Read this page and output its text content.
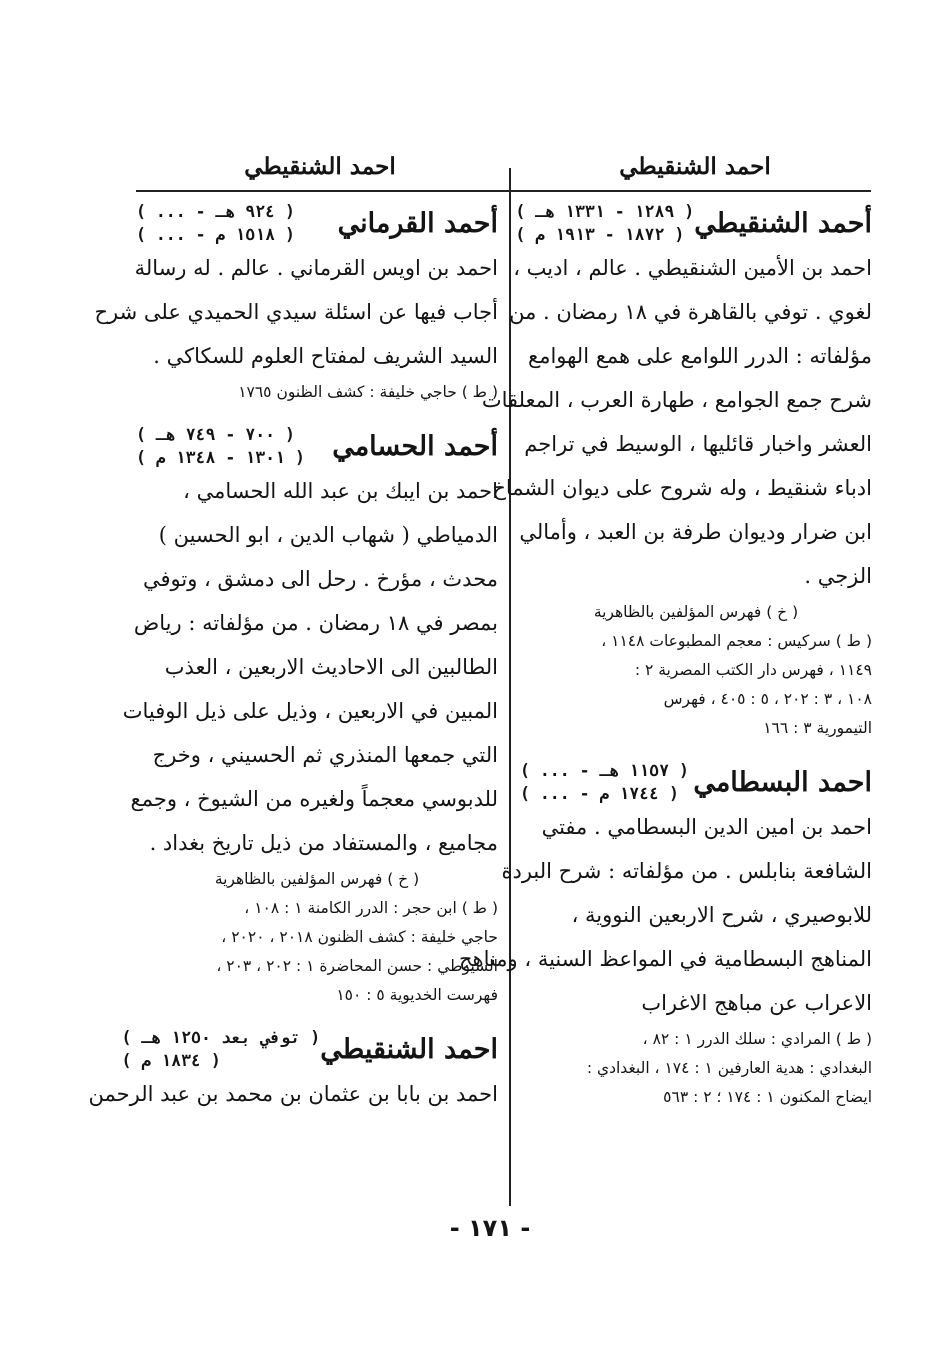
احمد الشنقيطي
احمد الشنقيطي
أحمد الشنقيطي
( ١٢٨٩ - ١٣٣١ هـ )
( ١٨٧٢ - ١٩١٣ م )
احمد بن الأمين الشنقيطي . عالم ، اديب ،
لغوي . توفي بالقاهرة في ١٨ رمضان . من
مؤلفاته : الدرر اللوامع على همع الهوامع
شرح جمع الجوامع ، طهارة العرب ، المعلقات
العشر واخبار قائليها ، الوسيط في تراجم
ادباء شنقيط ، وله شروح على ديوان الشماخ
ابن ضرار وديوان طرفة بن العبد ، وأمالي
الزجي .
( خ ) فهرس المؤلفين بالظاهرية
( ط ) سركيس : معجم المطبوعات ١١٤٨ ،
١١٤٩ ، فهرس دار الكتب المصرية ٢ :
١٠٨ ، ٣ : ٢٠٢ ، ٥ : ٤٠٥ ، فهرس
التيمورية ٣ : ١٦٦
احمد البسطامي
( ... - ١١٥٧ هـ )
( ... - ١٧٤٤ م )
احمد بن امين الدين البسطامي . مفتي
الشافعة بنابلس . من مؤلفاته : شرح البردة
للابوصيري ، شرح الاربعين النووية ،
المناهج البسطامية في المواعظ السنية ، ومناهج
الاعراب عن مباهج الاغراب
( ط ) المرادي : سلك الدرر ١ : ٨٢ ،
البغدادي : هدية العارفين ١ : ١٧٤ ، البغدادي :
ايضاح المكنون ١ : ١٧٤ ؛ ٢ : ٥٦٣
أحمد القرماني
( ... - ٩٢٤ هـ )
( ... - ١٥١٨ م )
احمد بن اويس القرماني . عالم . له رسالة
أجاب فيها عن اسئلة سيدي الحميدي على شرح
السيد الشريف لمفتاح العلوم للسكاكي .
( ط ) حاجي خليفة : كشف الظنون ١٧٦٥
أحمد الحسامي
( ٧٠٠ - ٧٤٩ هـ )
( ١٣٠١ - ١٣٤٨ م )
احمد بن ايبك بن عبد الله الحسامي ،
الدمياطي ( شهاب الدين ، ابو الحسين )
محدث ، مؤرخ . رحل الى دمشق ، وتوفي
بمصر في ١٨ رمضان . من مؤلفاته : رياض
الطالبين الى الاحاديث الاربعين ، العذب
المبين في الاربعين ، وذيل على ذيل الوفيات
التي جمعها المنذري ثم الحسيني ، وخرج
للدبوسي معجماً ولغيره من الشيوخ ، وجمع
مجاميع ، والمستفاد من ذيل تاريخ بغداد .
( خ ) فهرس المؤلفين بالظاهرية
( ط ) ابن حجر : الدرر الكامنة ١ : ١٠٨ ،
حاجي خليفة : كشف الظنون ٢٠١٨ ، ٢٠٢٠ ،
السيوطي : حسن المحاضرة ١ : ٢٠٢ ، ٢٠٣ ،
فهرست الخديوية ٥ : ١٥٠
احمد الشنقيطي
( توفي بعد ١٢٥٠ هـ )
( ١٨٣٤ م )
احمد بن بابا بن عثمان بن محمد بن عبد الرحمن
- ١٧١ -
